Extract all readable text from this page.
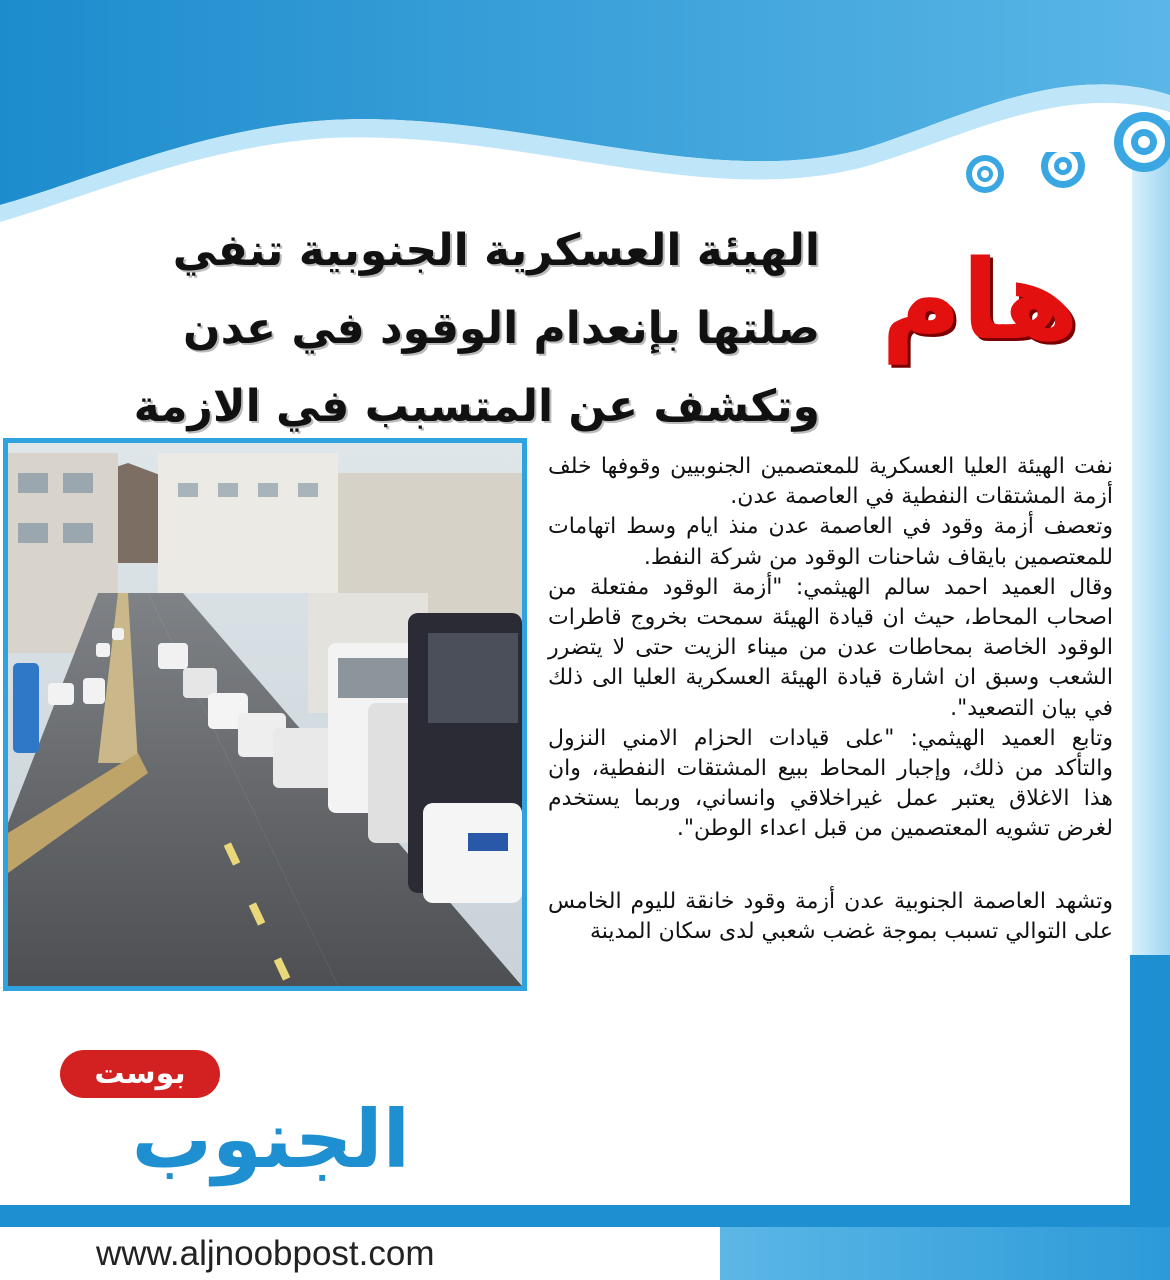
الهيئة العسكرية الجنوبية تنفي
صلتها بإنعدام الوقود في عدن
وتكشف عن المتسبب في الازمة
هام

نفت الهيئة العليا العسكرية للمعتصمين الجنوبيين وقوفها خلف أزمة المشتقات النفطية في العاصمة عدن.

وتعصف أزمة وقود في العاصمة عدن منذ ايام وسط اتهامات للمعتصمين بايقاف شاحنات الوقود من شركة النفط.

وقال العميد احمد سالم الهيثمي: "أزمة الوقود مفتعلة من اصحاب المحاط، حيث ان قيادة الهيئة سمحت بخروج قاطرات الوقود الخاصة بمحاطات عدن من ميناء الزيت حتى لا يتضرر الشعب وسبق ان اشارة قيادة الهيئة العسكرية العليا الى ذلك في بيان التصعيد".

وتابع العميد الهيثمي: "على قيادات الحزام الامني النزول والتأكد من ذلك، وإجبار المحاط ببيع المشتقات النفطية، وان هذا الاغلاق يعتبر عمل غيراخلاقي وانساني، وربما يستخدم لغرض تشويه المعتصمين من قبل اعداء الوطن".

وتشهد العاصمة الجنوبية عدن أزمة وقود خانقة لليوم الخامس على التوالي تسبب بموجة غضب شعبي لدى سكان المدينة

بوست
الجنوب
www.aljnoobpost.com
